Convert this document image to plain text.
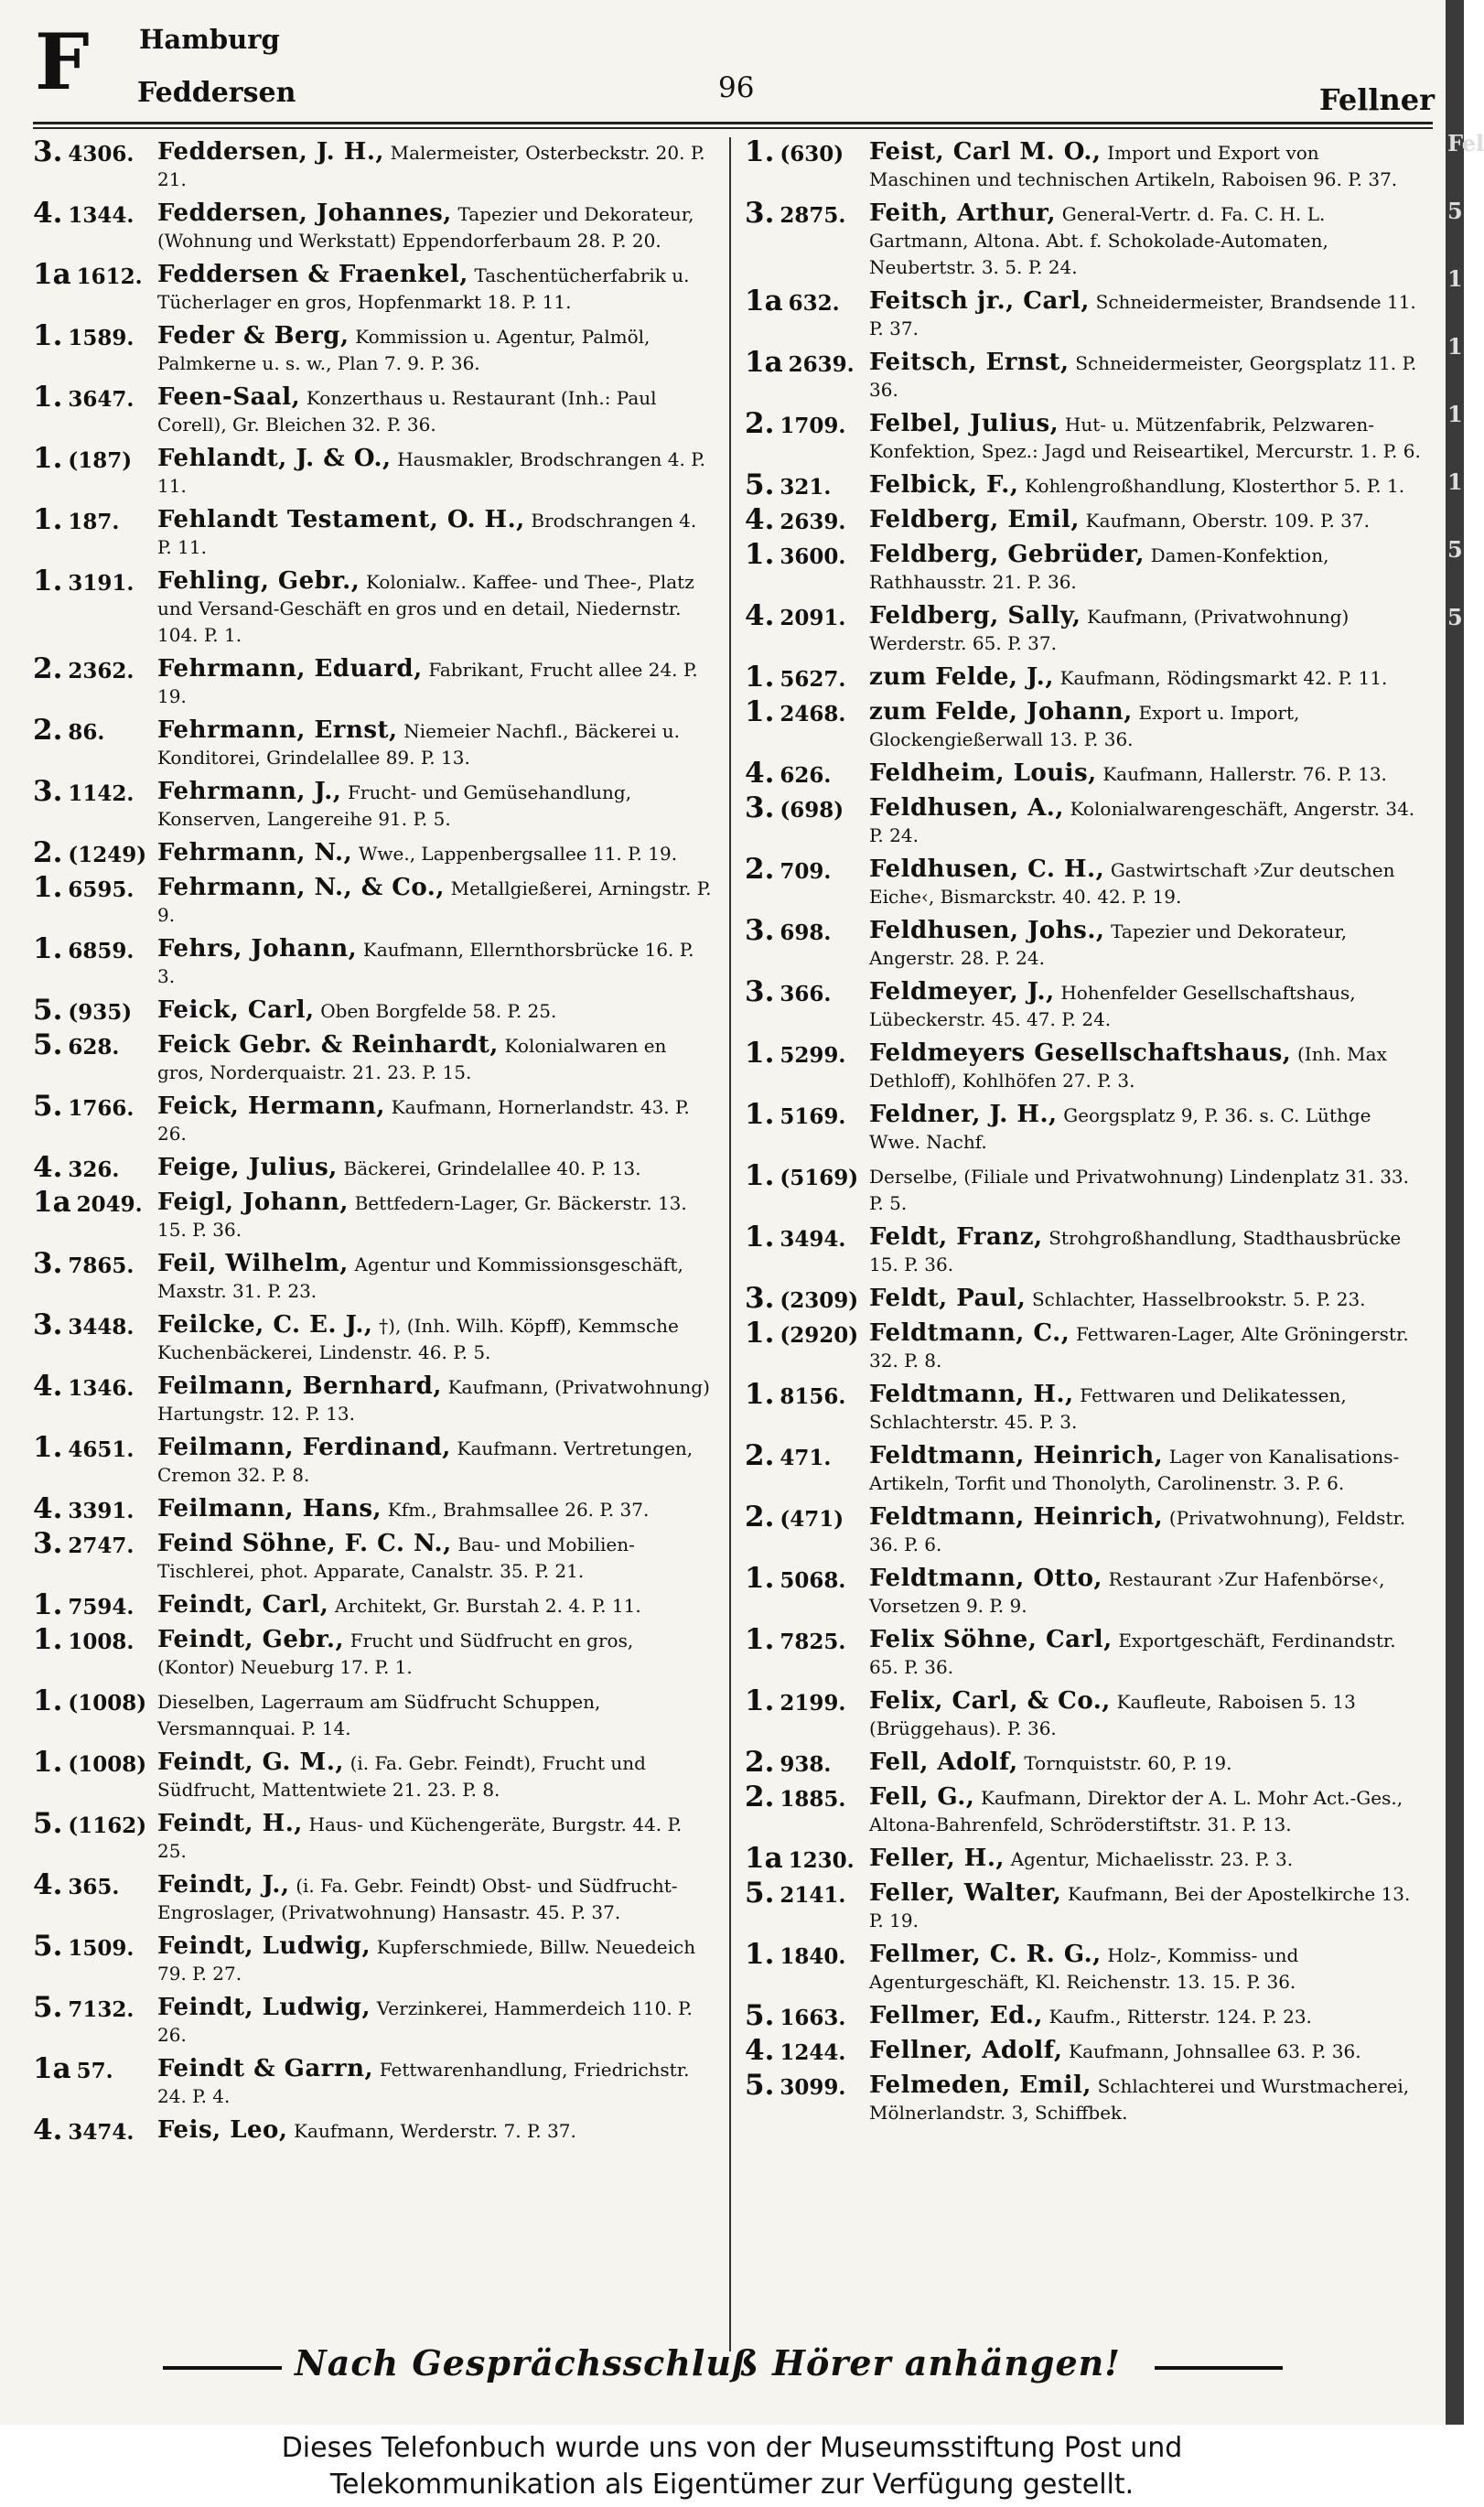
F Hamburg
Feddersen	96	Fellner
3. 4306. Feddersen, J. H., Malermeister, Osterbeckstr. 20. P. 21.
4. 1344. Feddersen, Johannes, Tapezier und Dekorateur, (Wohnung und Werkstatt) Eppendorferbaum 28. P. 20.
1a 1612. Feddersen & Fraenkel, Taschentücherfabrik u. Tücherlager en gros, Hopfenmarkt 18. P. 11.
1. 1589. Feder & Berg, Kommission u. Agentur, Palmöl, Palmkerne u. s. w., Plan 7. 9. P. 36.
1. 3647. Feen-Saal, Konzerthaus u. Restaurant (Inh.: Paul Corell), Gr. Bleichen 32. P. 36.
1. (187) Fehlandt, J. & O., Hausmakler, Brodschrangen 4. P. 11.
1. 187. Fehlandt Testament, O. H., Brodschrangen 4. P. 11.
1. 3191. Fehling, Gebr., Kolonialw.. Kaffee- und Thee-, Platz und Versand-Geschäft en gros und en detail, Niedernstr. 104. P. 1.
2. 2362. Fehrmann, Eduard, Fabrikant, Frucht allee 24. P. 19.
2. 86. Fehrmann, Ernst, Niemeier Nachfl., Bäckerei u. Konditorei, Grindelallee 89. P. 13.
3. 1142. Fehrmann, J., Frucht- und Gemüsehandlung, Konserven, Langereihe 91. P. 5.
2. (1249) Fehrmann, N., Wwe., Lappenbergsallee 11. P. 19.
1. 6595. Fehrmann, N., & Co., Metallgießerei, Arningstr. P. 9.
1. 6859. Fehrs, Johann, Kaufmann, Ellernthorsbrücke 16. P. 3.
5. (935) Feick, Carl, Oben Borgfelde 58. P. 25.
5. 628. Feick Gebr. & Reinhardt, Kolonialwaren en gros, Norderquaistr. 21. 23. P. 15.
5. 1766. Feick, Hermann, Kaufmann, Hornerlandstr. 43. P. 26.
4. 326. Feige, Julius, Bäckerei, Grindelallee 40. P. 13.
1a 2049. Feigl, Johann, Bettfedern-Lager, Gr. Bäckerstr. 13. 15. P. 36.
3. 7865. Feil, Wilhelm, Agentur und Kommissionsgeschäft, Maxstr. 31. P. 23.
3. 3448. Feilcke, C. E. J., †), (Inh. Wilh. Köpff), Kemmsche Kuchenbäckerei, Lindenstr. 46. P. 5.
4. 1346. Feilmann, Bernhard, Kaufmann, (Privatwohnung) Hartungstr. 12. P. 13.
1. 4651. Feilmann, Ferdinand, Kaufmann. Vertretungen, Cremon 32. P. 8.
4. 3391. Feilmann, Hans, Kfm., Brahmsallee 26. P. 37.
3. 2747. Feind Söhne, F. C. N., Bau- und Mobilien-Tischlerei, phot. Apparate, Canalstr. 35. P. 21.
1. 7594. Feindt, Carl, Architekt, Gr. Burstah 2. 4. P. 11.
1. 1008. Feindt, Gebr., Frucht und Südfrucht en gros, (Kontor) Neueburg 17. P. 1.
1. (1008) Dieselben, Lagerraum am Südfrucht Schuppen, Versmannquai. P. 14.
1. (1008) Feindt, G. M., (i. Fa. Gebr. Feindt), Frucht und Südfrucht, Mattentwiete 21. 23. P. 8.
5. (1162) Feindt, H., Haus- und Küchengeräte, Burgstr. 44. P. 25.
4. 365. Feindt, J., (i. Fa. Gebr. Feindt) Obst- und Südfrucht-Engroslager, (Privatwohnung) Hansastr. 45. P. 37.
5. 1509. Feindt, Ludwig, Kupferschmiede, Billw. Neuedeich 79. P. 27.
5. 7132. Feindt, Ludwig, Verzinkerei, Hammerdeich 110. P. 26.
1a 57. Feindt & Garrn, Fettwarenhandlung, Friedrichstr. 24. P. 4.
4. 3474. Feis, Leo, Kaufmann, Werderstr. 7. P. 37.
1. (630) Feist, Carl M. O., Import und Export von Maschinen und technischen Artikeln, Raboisen 96. P. 37.
3. 2875. Feith, Arthur, General-Vertr. d. Fa. C. H. L. Gartmann, Altona. Abt. f. Schokolade-Automaten, Neubertstr. 3. 5. P. 24.
1a 632. Feitsch jr., Carl, Schneidermeister, Brandsende 11. P. 37.
1a 2639. Feitsch, Ernst, Schneidermeister, Georgsplatz 11. P. 36.
2. 1709. Felbel, Julius, Hut- u. Mützenfabrik, Pelzwaren-Konfektion, Spez.: Jagd und Reiseartikel, Mercurstr. 1. P. 6.
5. 321. Felbick, F., Kohlengroßhandlung, Klosterthor 5. P. 1.
4. 2639. Feldberg, Emil, Kaufmann, Oberstr. 109. P. 37.
1. 3600. Feldberg, Gebrüder, Damen-Konfektion, Rathhausstr. 21. P. 36.
4. 2091. Feldberg, Sally, Kaufmann, (Privatwohnung) Werderstr. 65. P. 37.
1. 5627. zum Felde, J., Kaufmann, Rödingsmarkt 42. P. 11.
1. 2468. zum Felde, Johann, Export u. Import, Glockengießerwall 13. P. 36.
4. 626. Feldheim, Louis, Kaufmann, Hallerstr. 76. P. 13.
3. (698) Feldhusen, A., Kolonialwarengeschäft, Angerstr. 34. P. 24.
2. 709. Feldhusen, C. H., Gastwirtschaft ›Zur deutschen Eiche‹, Bismarckstr. 40. 42. P. 19.
3. 698. Feldhusen, Johs., Tapezier und Dekorateur, Angerstr. 28. P. 24.
3. 366. Feldmeyer, J., Hohenfelder Gesellschaftshaus, Lübeckerstr. 45. 47. P. 24.
1. 5299. Feldmeyers Gesellschaftshaus, (Inh. Max Dethloff), Kohlhöfen 27. P. 3.
1. 5169. Feldner, J. H., Georgsplatz 9, P. 36. s. C. Lüthge Wwe. Nachf.
1. (5169) Derselbe, (Filiale und Privatwohnung) Lindenplatz 31. 33. P. 5.
1. 3494. Feldt, Franz, Strohgroßhandlung, Stadthausbrücke 15. P. 36.
3. (2309) Feldt, Paul, Schlachter, Hasselbrookstr. 5. P. 23.
1. (2920) Feldtmann, C., Fettwaren-Lager, Alte Gröningerstr. 32. P. 8.
1. 8156. Feldtmann, H., Fettwaren und Delikatessen, Schlachterstr. 45. P. 3.
2. 471. Feldtmann, Heinrich, Lager von Kanalisations-Artikeln, Torfit und Thonolyth, Carolinenstr. 3. P. 6.
2. (471) Feldtmann, Heinrich, (Privatwohnung), Feldstr. 36. P. 6.
1. 5068. Feldtmann, Otto, Restaurant ›Zur Hafenbörse‹, Vorsetzen 9. P. 9.
1. 7825. Felix Söhne, Carl, Exportgeschäft, Ferdinandstr. 65. P. 36.
1. 2199. Felix, Carl, & Co., Kaufleute, Raboisen 5. 13 (Brüggehaus). P. 36.
2. 938. Fell, Adolf, Tornquiststr. 60, P. 19.
2. 1885. Fell, G., Kaufmann, Direktor der A. L. Mohr Act.-Ges., Altona-Bahrenfeld, Schröderstiftstr. 31. P. 13.
1a 1230. Feller, H., Agentur, Michaelisstr. 23. P. 3.
5. 2141. Feller, Walter, Kaufmann, Bei der Apostelkirche 13. P. 19.
1. 1840. Fellmer, C. R. G., Holz-, Kommiss- und Agenturgeschäft, Kl. Reichenstr. 13. 15. P. 36.
5. 1663. Fellmer, Ed., Kaufm., Ritterstr. 124. P. 23.
4. 1244. Fellner, Adolf, Kaufmann, Johnsallee 63. P. 36.
5. 3099. Felmeden, Emil, Schlachterei und Wurstmacherei, Mölnerlandstr. 3, Schiffbek.
Nach Gesprächsschluß Hörer anhängen!
Fel 5 1 1 1 1 5 5
Dieses Telefonbuch wurde uns von der Museumsstiftung Post und
Telekommunikation als Eigentümer zur Verfügung gestellt.
